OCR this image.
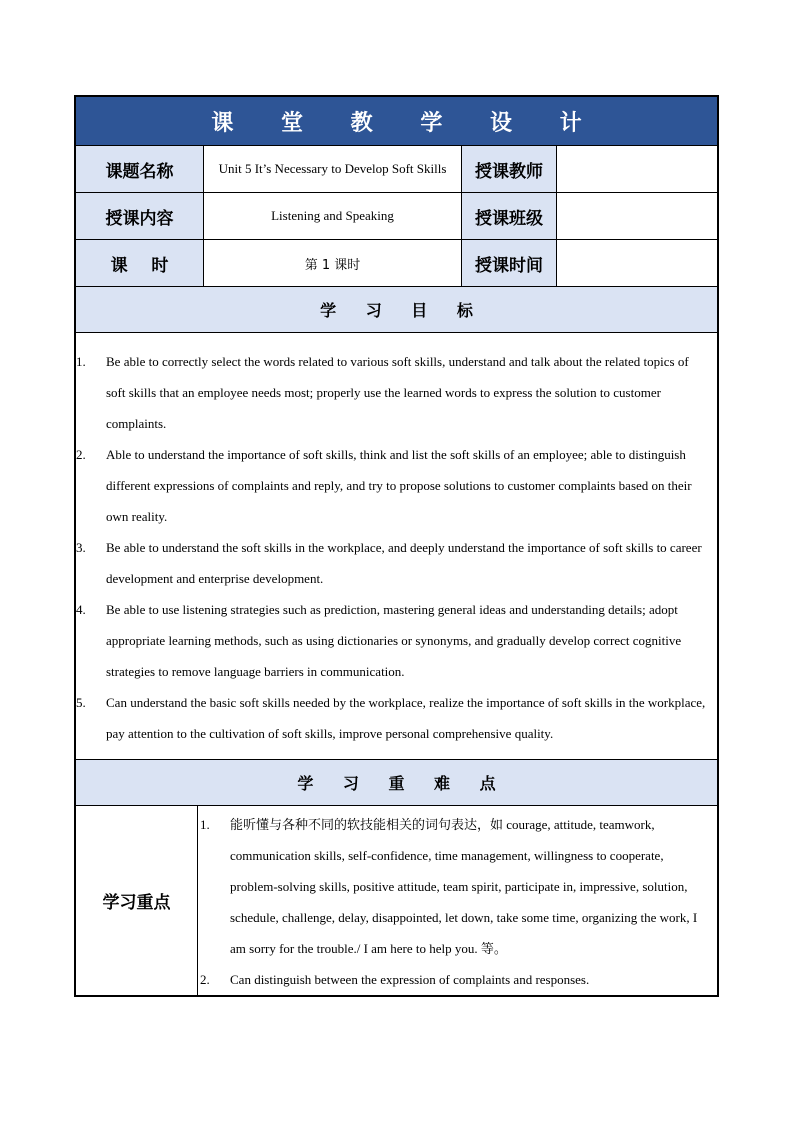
课 堂 教 学 设 计
课题名称	Unit 5 It’s Necessary to Develop Soft Skills	授课教师
授课内容	Listening and Speaking	授课班级
课    时	第 1 课时	授课时间
学 习 目 标
1.	Be able to correctly select the words related to various soft skills, understand and talk about the related topics of soft skills that an employee needs most; properly use the learned words to express the solution to customer complaints.
2.	Able to understand the importance of soft skills, think and list the soft skills of an employee; able to distinguish different expressions of complaints and reply, and try to propose solutions to customer complaints based on their own reality.
3.	Be able to understand the soft skills in the workplace, and deeply understand the importance of soft skills to career development and enterprise development.
4.	Be able to use listening strategies such as prediction, mastering general ideas and understanding details; adopt appropriate learning methods, such as using dictionaries or synonyms, and gradually develop correct cognitive strategies to remove language barriers in communication.
5.	Can understand the basic soft skills needed by the workplace, realize the importance of soft skills in the workplace, pay attention to the cultivation of soft skills, improve personal comprehensive quality.
学 习 重 难 点
学习重点
1.	能听懂与各种不同的软技能相关的词句表达，如 courage, attitude, teamwork, communication skills, self-confidence, time management, willingness to cooperate, problem-solving skills, positive attitude, team spirit, participate in, impressive, solution, schedule, challenge, delay, disappointed, let down, take some time, organizing the work, I am sorry for the trouble./ I am here to help you. 等。
2.	Can distinguish between the expression of complaints and responses.
